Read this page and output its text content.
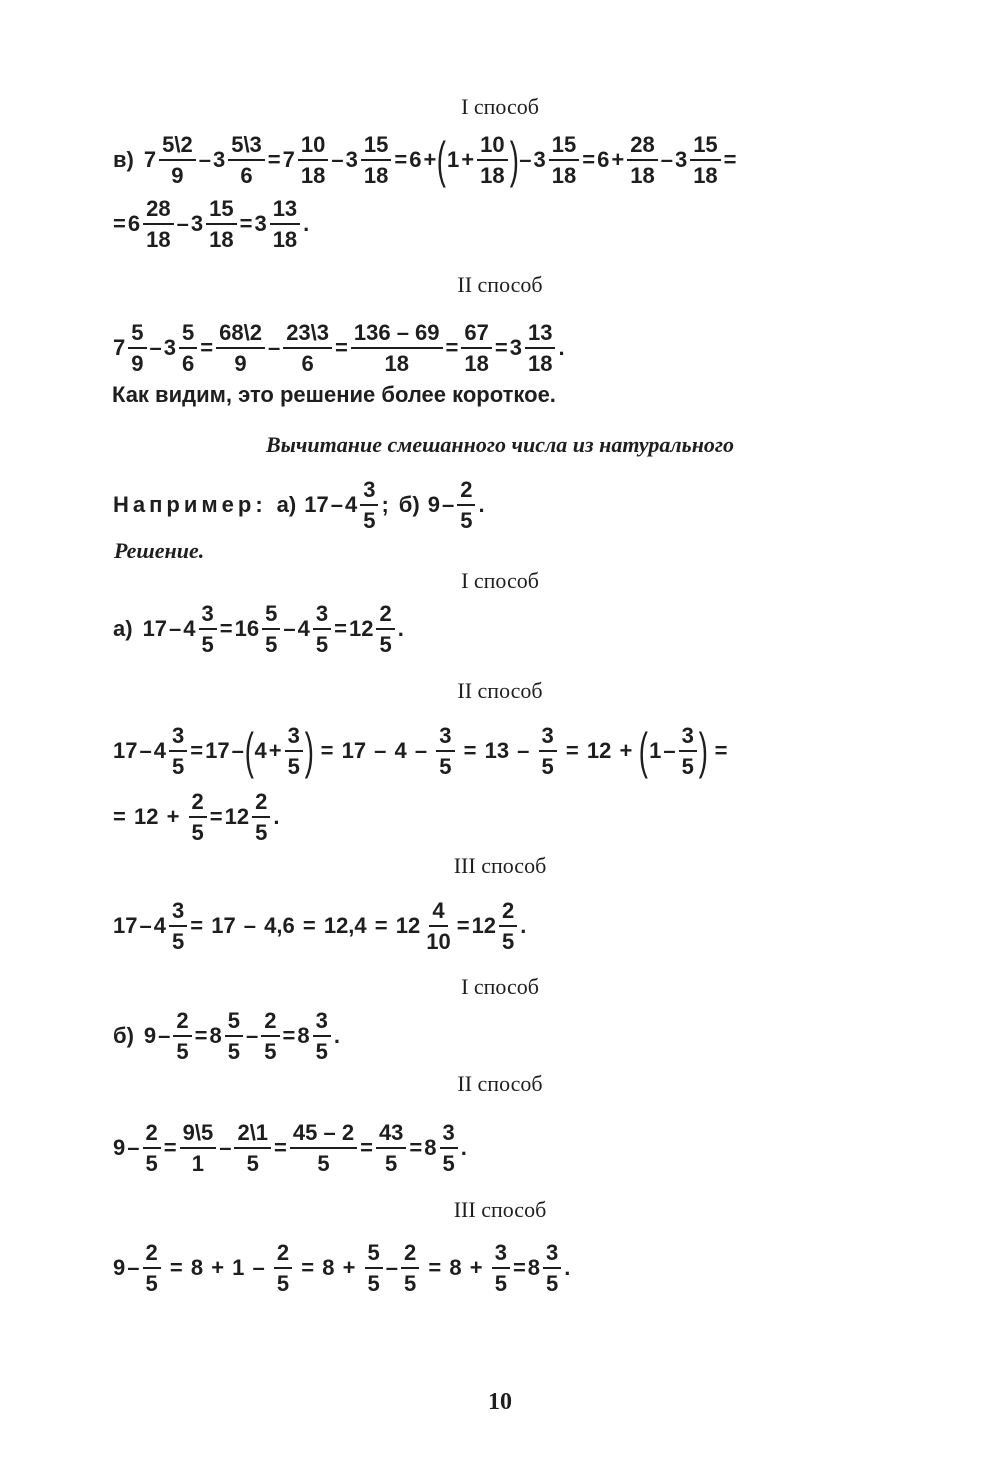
I способ
в) 7
5\2
9
– $3 \frac{5\backslash 3}{6} = 7$
10
18
– $3 \frac{15}{18} = 6$ + ( $1 + \frac{10}{18}$ ) – $3 \frac{15}{18} = 6 + \frac{28}{18} - 3 \frac{15}{18}$ =
= 6
28
18
– $3 \frac{15}{18} = 3$
13
18
.
II способ
7
5
9
– $3 \frac{5}{6} = \frac{68\backslash 2}{9} - \frac{23\backslash 3}{6} = \frac{136 - 69}{18} = \frac{67}{18} = 3$
13
18
.
Как видим, это решение более короткое.
Вычитание смешанного числа из натурального
Например: а) 17 – 4
3
5
; б) 9 –
2
5
.
Решение.
I способ
а) $17 - 4 \frac{3}{5} = 16$
5
5
– $4 \frac{3}{5} = 12$
2
5
.
II способ
$17 - 4 \frac{3}{5} = 17$ – ( $4 + \frac{3}{5}$ ) = $17 - 4 - \frac{3}{5} = 13 - \frac{3}{5} = 12$ + ( 1 –
3
5 ) =
= $12 + \frac{2}{5} = 12$
2
5
.
III способ
$17 - 4 \frac{3}{5} = 17 - 4,6 = 12,4 = 12 \frac{4}{10} = 12$
2
5
.
I способ
б) $9 - \frac{2}{5} = 8$
5
5
– $\frac{2}{5} = 8$
3
5
.
II способ
$9 - \frac{2}{5} = \frac{9\backslash 5}{1} - \frac{2\backslash 1}{5} = \frac{45 - 2}{5} = \frac{43}{5} = 8$
3
5
.
III способ
$9 - \frac{2}{5} = 8 + 1 - \frac{2}{5} = 8 + \frac{5}{5} - \frac{2}{5} = 8 + \frac{3}{5} = 8$
3
5
.
10
